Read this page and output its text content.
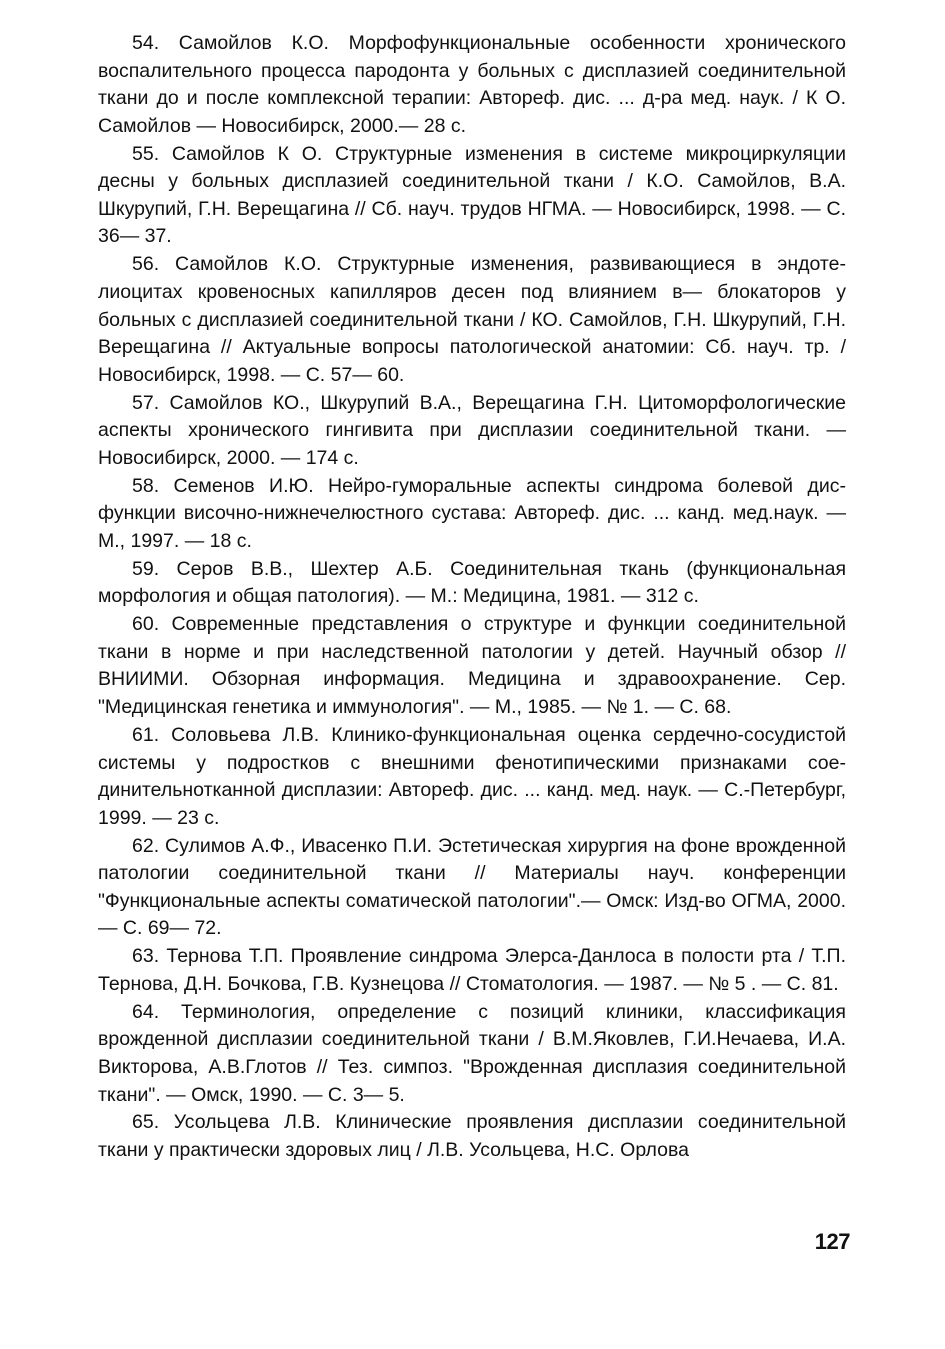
54. Самойлов К.О. Морфофункциональные особенности хронического воспалительного процесса пародонта у больных с дисплазией соединительной ткани до и после комплексной терапии: Автореф. дис. ... д-ра мед. наук. / К О. Самойлов — Новосибирск, 2000.— 28 с.

55. Самойлов К О. Структурные изменения в системе микроциркуляции десны у больных дисплазией соединительной ткани / К.О. Самойлов, В.А. Шкурупий, Г.Н. Верещагина // Сб. науч. трудов НГМА. — Новосибирск, 1998. — С. 36— 37.

56. Самойлов К.О. Структурные изменения, развивающиеся в эндотелиоцитах кровеносных капилляров десен под влиянием в— блокаторов у больных с дисплазией соединительной ткани / КО. Самойлов, Г.Н. Шкурупий, Г.Н. Верещагина // Актуальные вопросы патологической анатомии: Сб. науч. тр. / Новосибирск, 1998. — С. 57— 60.

57. Самойлов КО., Шкурупий В.А., Верещагина Г.Н. Цитоморфологические аспекты хронического гингивита при дисплазии соединительной ткани. — Новосибирск, 2000. — 174 с.

58. Семенов И.Ю. Нейро-гуморальные аспекты синдрома болевой дисфункции височно-нижнечелюстного сустава: Автореф. дис. ... канд. мед.наук. — М., 1997. — 18 с.

59. Серов В.В., Шехтер А.Б. Соединительная ткань (функциональная морфология и общая патология). — М.: Медицина, 1981. — 312 с.

60. Современные представления о структуре и функции соединительной ткани в норме и при наследственной патологии у детей. Научный обзор // ВНИИМИ. Обзорная информация. Медицина и здравоохранение. Сер. "Медицинская генетика и иммунология". — М., 1985. — № 1. — С. 68.

61. Соловьева Л.В. Клинико-функциональная оценка сердечно-сосудистой системы у подростков с внешними фенотипическими признаками соединительнотканной дисплазии: Автореф. дис. ... канд. мед. наук. — С.-Петербург, 1999. — 23 с.

62. Сулимов А.Ф., Ивасенко П.И. Эстетическая хирургия на фоне врожденной патологии соединительной ткани // Материалы науч. конференции "Функциональные аспекты соматической патологии".— Омск: Изд-во ОГМА, 2000. — С. 69— 72.

63. Тернова Т.П. Проявление синдрома Элерса-Данлоса в полости рта / Т.П. Тернова, Д.Н. Бочкова, Г.В. Кузнецова // Стоматология. — 1987. — № 5 . — С. 81.

64. Терминология, определение с позиций клиники, классификация врожденной дисплазии соединительной ткани / В.М.Яковлев, Г.И.Нечаева, И.А. Викторова, А.В.Глотов // Тез. симпоз. "Врожденная дисплазия соединительной ткани". — Омск, 1990. — С. 3— 5.

65. Усольцева Л.В. Клинические проявления дисплазии соединительной ткани у практически здоровых лиц / Л.В. Усольцева, Н.С. Орлова

127
